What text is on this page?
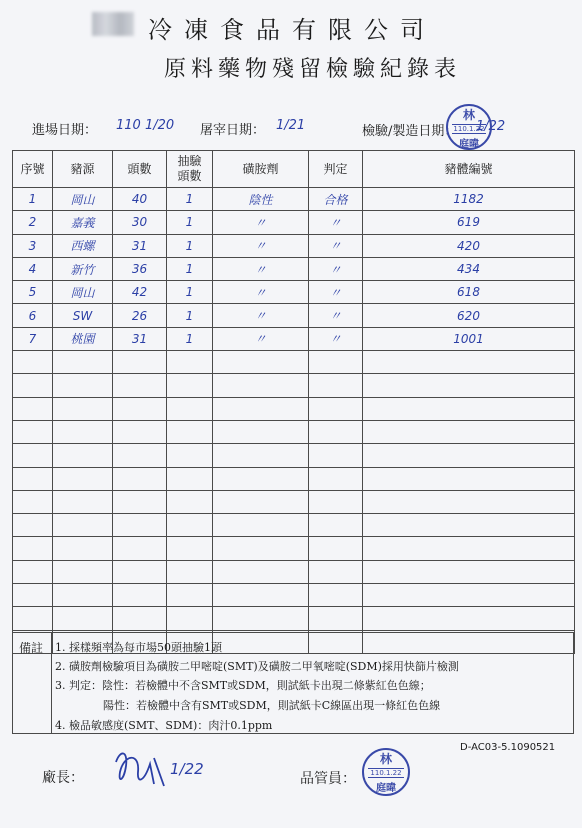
冷凍食品有限公司
原料藥物殘留檢驗紀錄表
進場日期： 110 1/20 屠宰日期： 1/21	檢驗/製造日期： 1/22
林
110.1.22
庭暐
序號	豬源	頭數	抽驗頭數	磺胺劑	判定	豬體編號
1	岡山	40	1	陰性	合格	1182
2	嘉義	30	1	〃	〃	619
3	西螺	31	1	〃	〃	420
4	新竹	36	1	〃	〃	434
5	岡山	42	1	〃	〃	618
6	SW	26	1	〃	〃	620
7	桃園	31	1	〃	〃	1001

備註 1. 採樣頻率為每市場50頭抽驗1頭
2. 磺胺劑檢驗項目為磺胺二甲嘧啶(SMT)及磺胺二甲氧嘧啶(SDM)採用快篩片檢測
3. 判定：陰性：若檢體中不含SMT或SDM，則試紙卡出現二條紫紅色色線；
陽性：若檢體中含有SMT或SDM，則試紙卡C線區出現一條紅色色線
4. 檢品敏感度(SMT、SDM)：肉汁0.1ppm
D-AC03-5.1090521
廠長：	1/22
品管員：
林
110.1.22
庭暐
